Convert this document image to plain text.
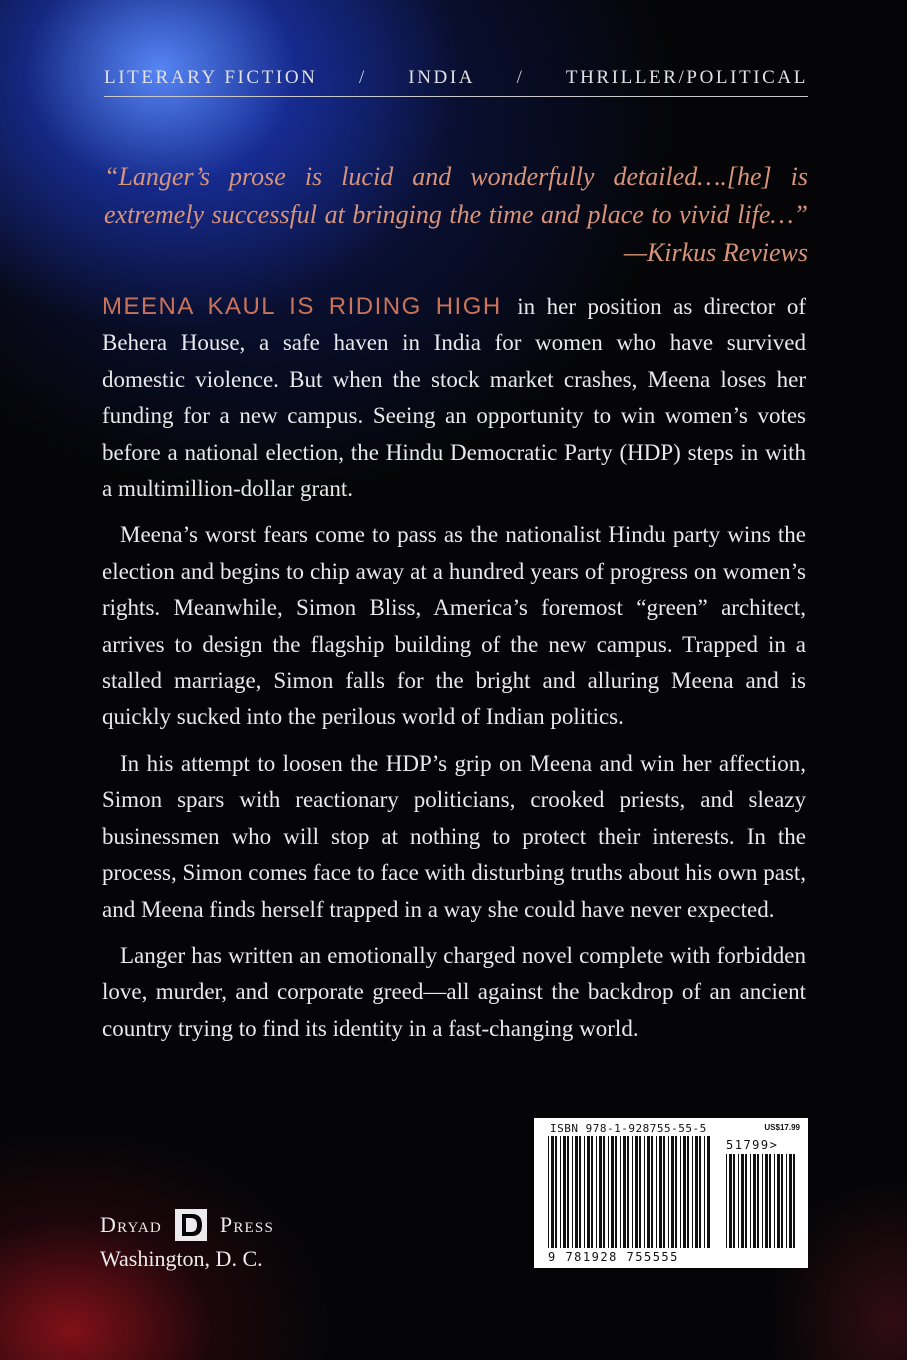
LITERARY FICTION / INDIA / THRILLER/POLITICAL

“Langer’s prose is lucid and wonderfully detailed….[he] is extremely successful at bringing the time and place to vivid life…” —Kirkus Reviews

MEENA KAUL IS RIDING HIGH in her position as director of Behera House, a safe haven in India for women who have survived domestic violence. But when the stock market crashes, Meena loses her funding for a new campus. Seeing an opportunity to win women’s votes before a national election, the Hindu Democratic Party (HDP) steps in with a multimillion-dollar grant.

Meena’s worst fears come to pass as the nationalist Hindu party wins the election and begins to chip away at a hundred years of progress on women’s rights. Meanwhile, Simon Bliss, America’s foremost “green” architect, arrives to design the flagship building of the new campus. Trapped in a stalled marriage, Simon falls for the bright and alluring Meena and is quickly sucked into the perilous world of Indian politics.

In his attempt to loosen the HDP’s grip on Meena and win her affection, Simon spars with reactionary politicians, crooked priests, and sleazy businessmen who will stop at nothing to protect their interests. In the process, Simon comes face to face with disturbing truths about his own past, and Meena finds herself trapped in a way she could have never expected.

Langer has written an emotionally charged novel complete with forbidden love, murder, and corporate greed—all against the backdrop of an ancient country trying to find its identity in a fast-changing world.

ISBN 978-1-928755-55-5	US$17.99
51799>
9 781928 755555
Dryad	Press
Washington, D. C.
